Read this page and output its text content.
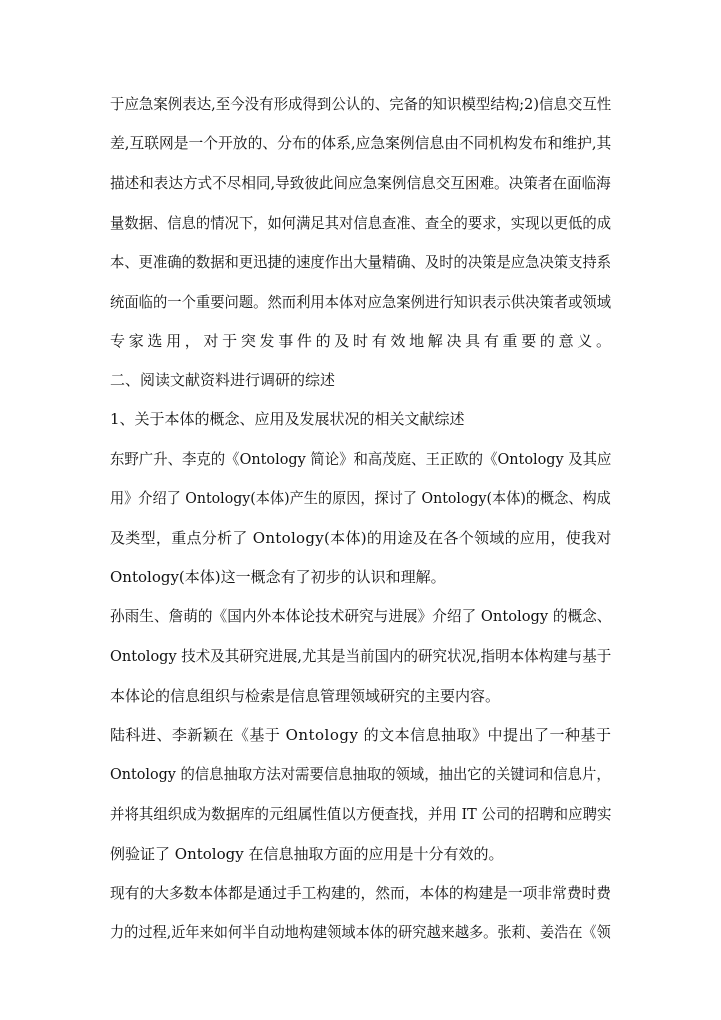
于应急案例表达,至今没有形成得到公认的、完备的知识模型结构;2)信息交互性
差,互联网是一个开放的、分布的体系,应急案例信息由不同机构发布和维护,其
描述和表达方式不尽相同,导致彼此间应急案例信息交互困难。决策者在面临海
量数据、信息的情况下，如何满足其对信息查准、查全的要求，实现以更低的成
本、更准确的数据和更迅捷的速度作出大量精确、及时的决策是应急决策支持系
统面临的一个重要问题。然而利用本体对应急案例进行知识表示供决策者或领域
专家选用，对于突发事件的及时有效地解决具有重要的意义。
二、阅读文献资料进行调研的综述
1、关于本体的概念、应用及发展状况的相关文献综述
东野广升、李克的《Ontology 简论》和高茂庭、王正欧的《Ontology 及其应
用》介绍了 Ontology(本体)产生的原因，探讨了 Ontology(本体)的概念、构成
及类型，重点分析了 Ontology(本体)的用途及在各个领域的应用，使我对
Ontology(本体)这一概念有了初步的认识和理解。
孙雨生、詹萌的《国内外本体论技术研究与进展》介绍了 Ontology 的概念、
Ontology 技术及其研究进展,尤其是当前国内的研究状况,指明本体构建与基于
本体论的信息组织与检索是信息管理领域研究的主要内容。
陆科进、李新颖在《基于 Ontology 的文本信息抽取》中提出了一种基于
Ontology 的信息抽取方法对需要信息抽取的领域，抽出它的关键词和信息片，
并将其组织成为数据库的元组属性值以方便查找，并用 IT 公司的招聘和应聘实
例验证了 Ontology 在信息抽取方面的应用是十分有效的。
现有的大多数本体都是通过手工构建的，然而，本体的构建是一项非常费时费
力的过程,近年来如何半自动地构建领域本体的研究越来越多。张莉、姜浩在《领
